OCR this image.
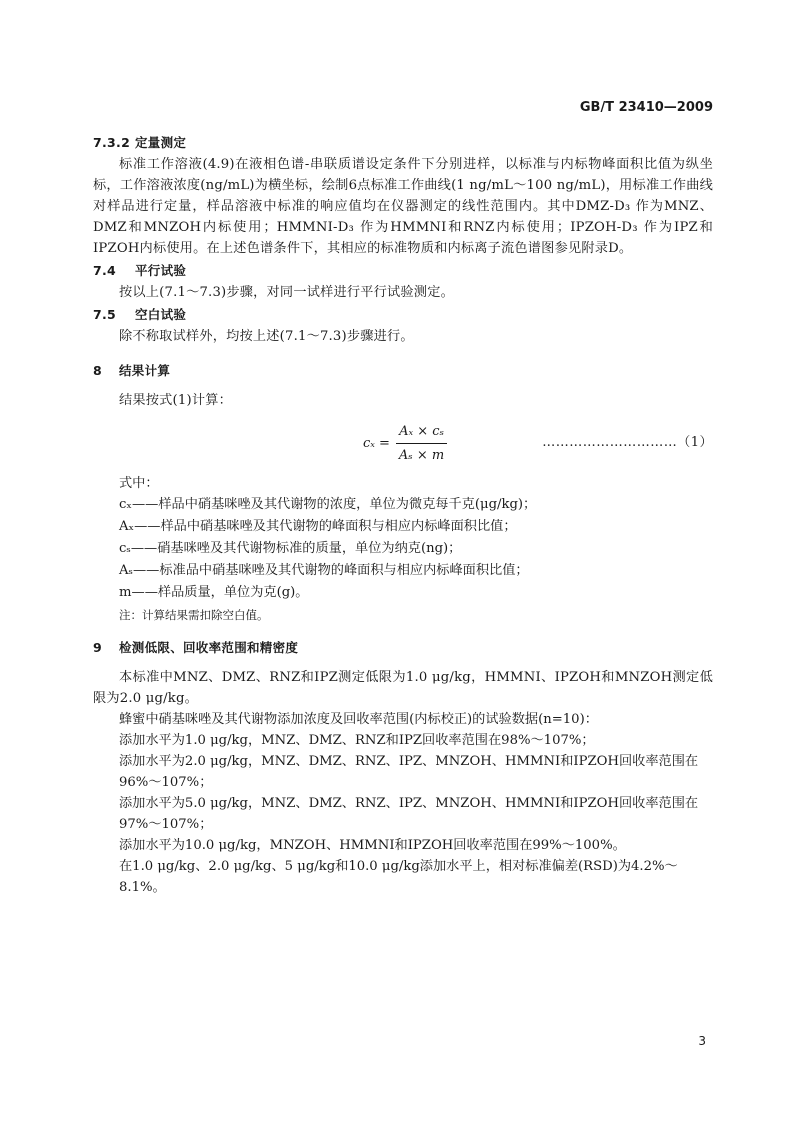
GB/T 23410—2009
7.3.2 定量测定
标准工作溶液(4.9)在液相色谱-串联质谱设定条件下分别进样，以标准与内标物峰面积比值为纵坐标，工作溶液浓度(ng/mL)为横坐标，绘制6点标准工作曲线(1 ng/mL～100 ng/mL)，用标准工作曲线对样品进行定量，样品溶液中标准的响应值均在仪器测定的线性范围内。其中DMZ-D₃ 作为MNZ、DMZ和MNZOH内标使用；HMMNI-D₃ 作为HMMNI和RNZ内标使用；IPZOH-D₃ 作为IPZ和IPZOH内标使用。在上述色谱条件下，其相应的标准物质和内标离子流色谱图参见附录D。
7.4 平行试验
按以上(7.1～7.3)步骤，对同一试样进行平行试验测定。
7.5 空白试验
除不称取试样外，均按上述(7.1～7.3)步骤进行。
8 结果计算
结果按式(1)计算：
$c_x = \frac{\text{Aₓ × cₛ}}{\text{Aₛ × m}}$	…………………………（1）
式中：
cₓ——样品中硝基咪唑及其代谢物的浓度，单位为微克每千克(μg/kg)；
Aₓ——样品中硝基咪唑及其代谢物的峰面积与相应内标峰面积比值；
cₛ——硝基咪唑及其代谢物标准的质量，单位为纳克(ng)；
Aₛ——标准品中硝基咪唑及其代谢物的峰面积与相应内标峰面积比值；
m——样品质量，单位为克(g)。
注：计算结果需扣除空白值。
9 检测低限、回收率范围和精密度
本标准中MNZ、DMZ、RNZ和IPZ测定低限为1.0 μg/kg，HMMNI、IPZOH和MNZOH测定低限为2.0 μg/kg。
蜂蜜中硝基咪唑及其代谢物添加浓度及回收率范围(内标校正)的试验数据(n=10)：
添加水平为1.0 μg/kg，MNZ、DMZ、RNZ和IPZ回收率范围在98%～107%；
添加水平为2.0 μg/kg，MNZ、DMZ、RNZ、IPZ、MNZOH、HMMNI和IPZOH回收率范围在96%～107%；
添加水平为5.0 μg/kg，MNZ、DMZ、RNZ、IPZ、MNZOH、HMMNI和IPZOH回收率范围在97%～107%；
添加水平为10.0 μg/kg，MNZOH、HMMNI和IPZOH回收率范围在99%～100%。
在1.0 μg/kg、2.0 μg/kg、5 μg/kg和10.0 μg/kg添加水平上，相对标准偏差(RSD)为4.2%～8.1%。
3
